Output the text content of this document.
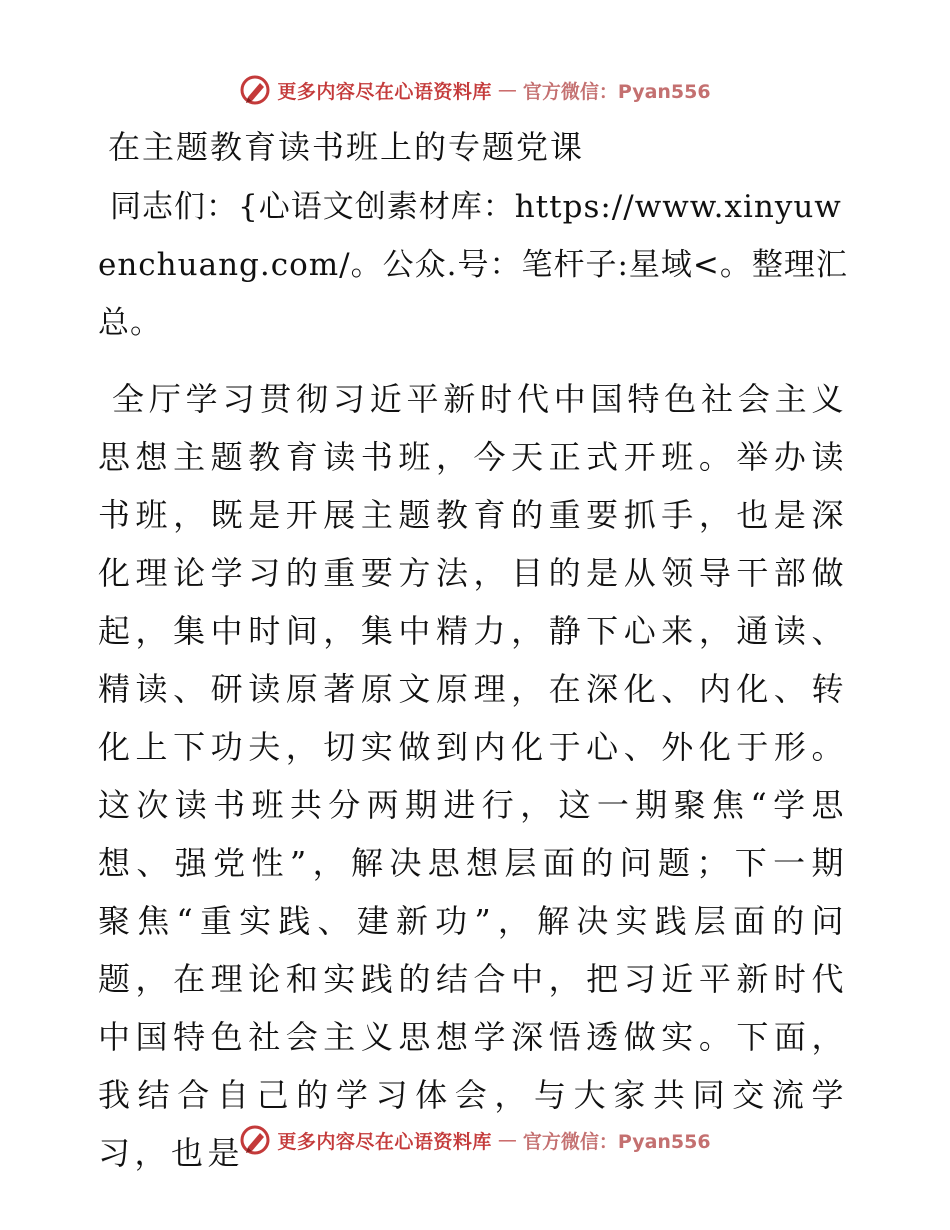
更多内容尽在心语资料库 — 官方微信：Pyan556
在主题教育读书班上的专题党课

同志们：{心语文创素材库：https://www.xinyuwenchuang.com/。公众.号：笔杆子:星域<。整理汇总。

全厅学习贯彻习近平新时代中国特色社会主义思想主题教育读书班，今天正式开班。举办读书班，既是开展主题教育的重要抓手，也是深化理论学习的重要方法，目的是从领导干部做起，集中时间，集中精力，静下心来，通读、精读、研读原著原文原理，在深化、内化、转化上下功夫，切实做到内化于心、外化于形。这次读书班共分两期进行，这一期聚焦“学思想、强党性”，解决思想层面的问题；下一期聚焦“重实践、建新功”，解决实践层面的问题，在理论和实践的结合中，把习近平新时代中国特色社会主义思想学深悟透做实。下面，我结合自己的学习体会，与大家共同交流学习，也是	更多内容尽在心语资料库 — 官方微信：Pyan556
